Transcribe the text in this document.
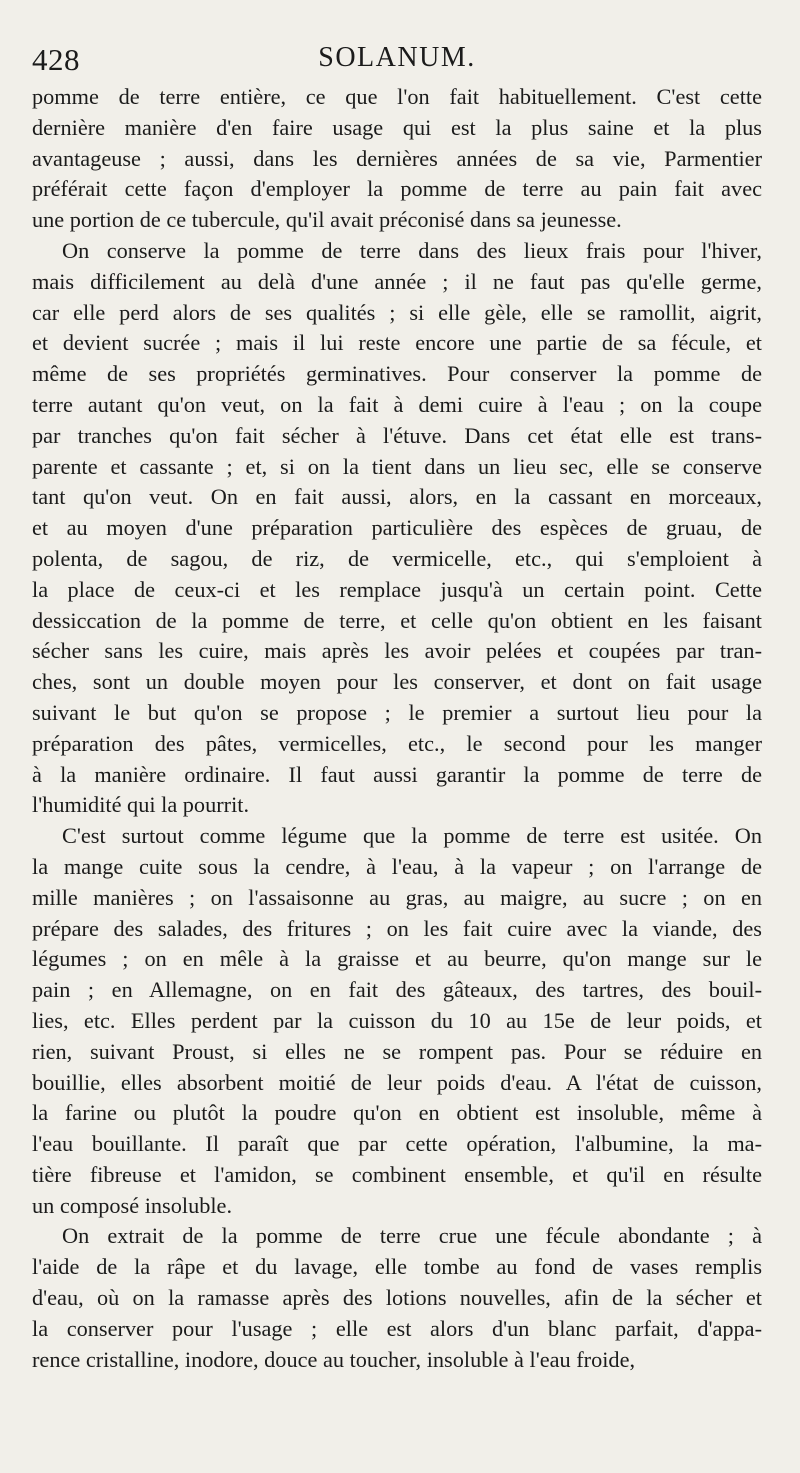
428	SOLANUM.
pomme de terre entière, ce que l'on fait habituellement. C'est cette
dernière manière d'en faire usage qui est la plus saine et la plus
avantageuse ; aussi, dans les dernières années de sa vie, Parmentier
préférait cette façon d'employer la pomme de terre au pain fait avec
une portion de ce tubercule, qu'il avait préconisé dans sa jeunesse.
On conserve la pomme de terre dans des lieux frais pour l'hiver,
mais difficilement au delà d'une année ; il ne faut pas qu'elle germe,
car elle perd alors de ses qualités ; si elle gèle, elle se ramollit, aigrit,
et devient sucrée ; mais il lui reste encore une partie de sa fécule, et
même de ses propriétés germinatives. Pour conserver la pomme de
terre autant qu'on veut, on la fait à demi cuire à l'eau ; on la coupe
par tranches qu'on fait sécher à l'étuve. Dans cet état elle est trans-
parente et cassante ; et, si on la tient dans un lieu sec, elle se conserve
tant qu'on veut. On en fait aussi, alors, en la cassant en morceaux,
et au moyen d'une préparation particulière des espèces de gruau, de
polenta, de sagou, de riz, de vermicelle, etc., qui s'emploient à
la place de ceux-ci et les remplace jusqu'à un certain point. Cette
dessiccation de la pomme de terre, et celle qu'on obtient en les faisant
sécher sans les cuire, mais après les avoir pelées et coupées par tran-
ches, sont un double moyen pour les conserver, et dont on fait usage
suivant le but qu'on se propose ; le premier a surtout lieu pour la
préparation des pâtes, vermicelles, etc., le second pour les manger
à la manière ordinaire. Il faut aussi garantir la pomme de terre de
l'humidité qui la pourrit.
C'est surtout comme légume que la pomme de terre est usitée. On
la mange cuite sous la cendre, à l'eau, à la vapeur ; on l'arrange de
mille manières ; on l'assaisonne au gras, au maigre, au sucre ; on en
prépare des salades, des fritures ; on les fait cuire avec la viande, des
légumes ; on en mêle à la graisse et au beurre, qu'on mange sur le
pain ; en Allemagne, on en fait des gâteaux, des tartres, des bouil-
lies, etc. Elles perdent par la cuisson du 10 au 15e de leur poids, et
rien, suivant Proust, si elles ne se rompent pas. Pour se réduire en
bouillie, elles absorbent moitié de leur poids d'eau. A l'état de cuisson,
la farine ou plutôt la poudre qu'on en obtient est insoluble, même à
l'eau bouillante. Il paraît que par cette opération, l'albumine, la ma-
tière fibreuse et l'amidon, se combinent ensemble, et qu'il en résulte
un composé insoluble.
On extrait de la pomme de terre crue une fécule abondante ; à
l'aide de la râpe et du lavage, elle tombe au fond de vases remplis
d'eau, où on la ramasse après des lotions nouvelles, afin de la sécher et
la conserver pour l'usage ; elle est alors d'un blanc parfait, d'appa-
rence cristalline, inodore, douce au toucher, insoluble à l'eau froide,
